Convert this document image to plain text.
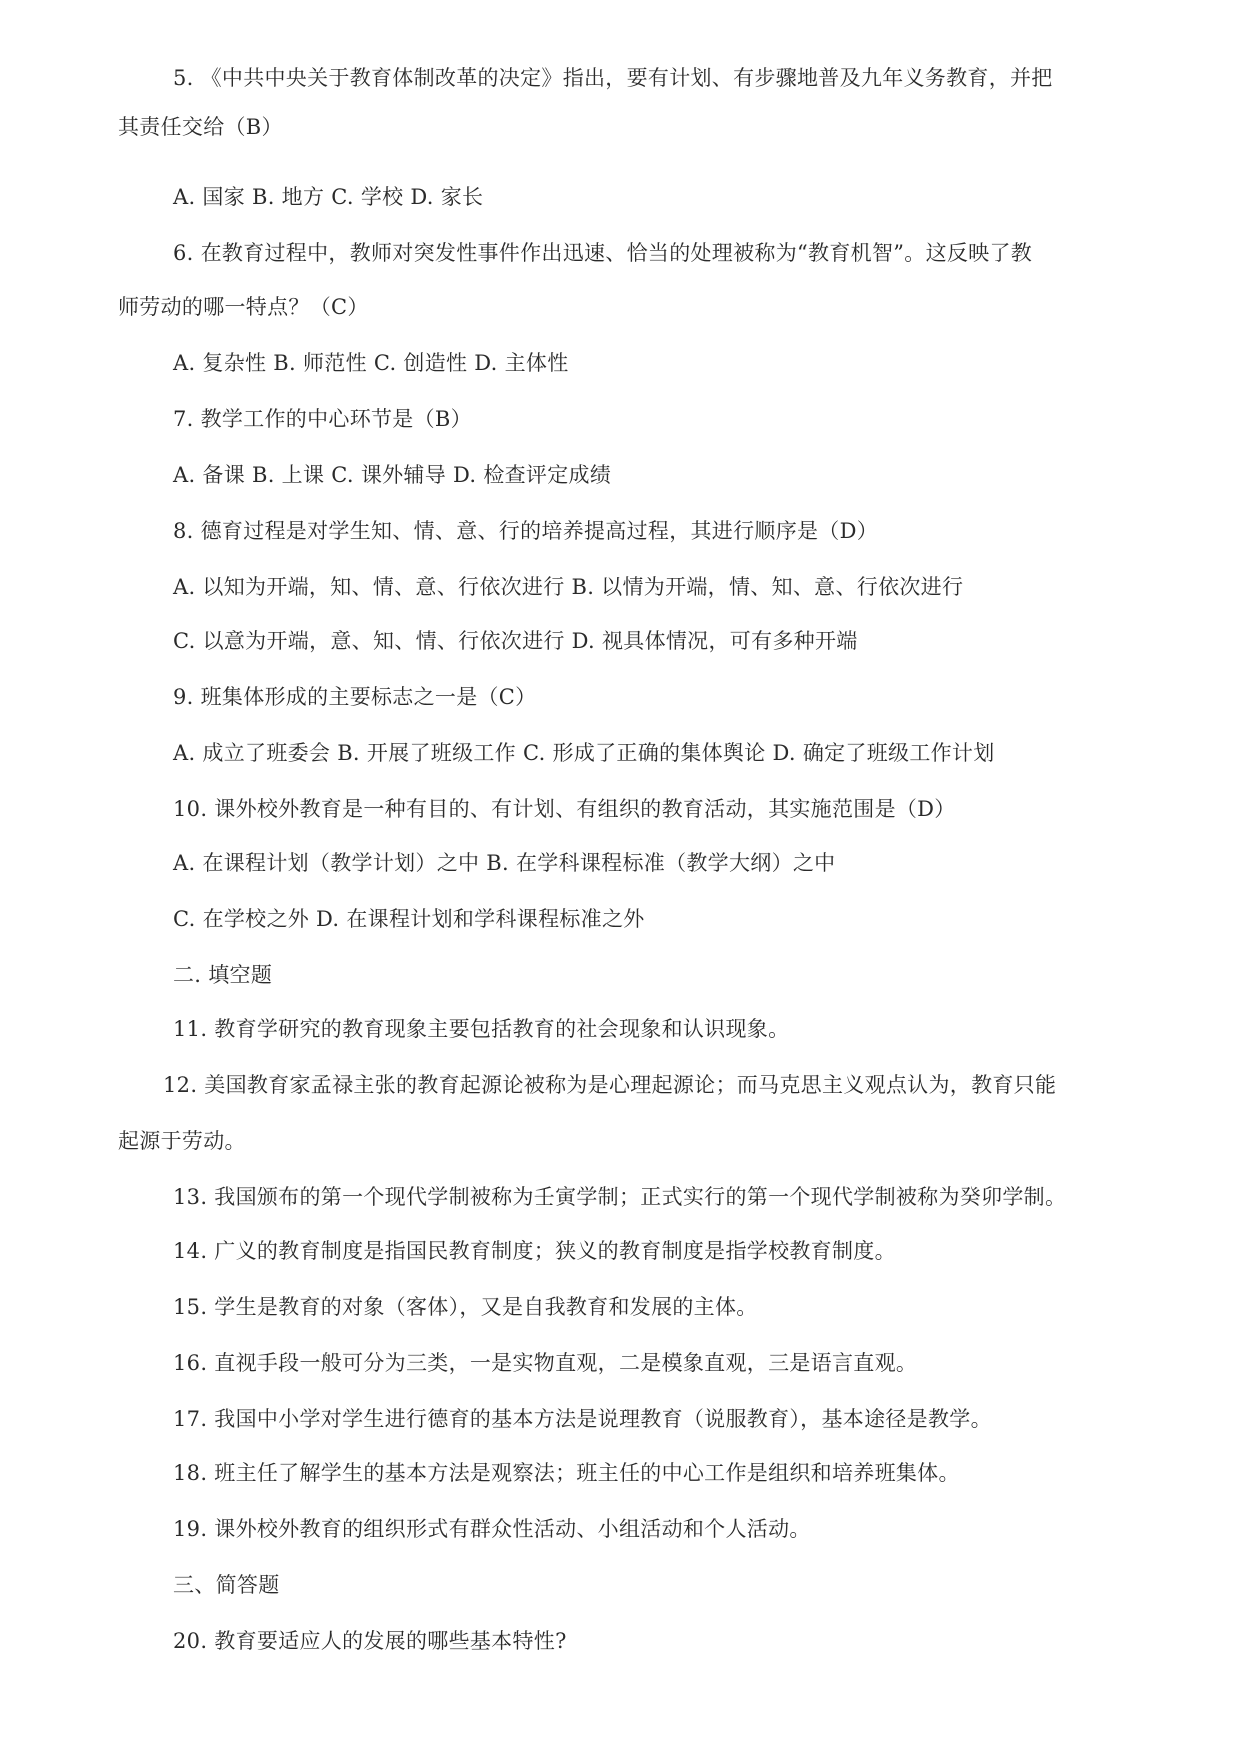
5. 《中共中央关于教育体制改革的决定》指出，要有计划、有步骤地普及九年义务教育，并把
其责任交给（B）
A. 国家 B. 地方 C. 学校 D. 家长
6. 在教育过程中，教师对突发性事件作出迅速、恰当的处理被称为“教育机智”。这反映了教
师劳动的哪一特点？（C）
A. 复杂性 B. 师范性 C. 创造性 D. 主体性
7. 教学工作的中心环节是（B）
A. 备课 B. 上课 C. 课外辅导 D. 检查评定成绩
8. 德育过程是对学生知、情、意、行的培养提高过程，其进行顺序是（D）
A. 以知为开端，知、情、意、行依次进行 B. 以情为开端，情、知、意、行依次进行
C. 以意为开端，意、知、情、行依次进行 D. 视具体情况，可有多种开端
9. 班集体形成的主要标志之一是（C）
A. 成立了班委会 B. 开展了班级工作 C. 形成了正确的集体舆论 D. 确定了班级工作计划
10. 课外校外教育是一种有目的、有计划、有组织的教育活动，其实施范围是（D）
A. 在课程计划（教学计划）之中 B. 在学科课程标准（教学大纲）之中
C. 在学校之外 D. 在课程计划和学科课程标准之外
二. 填空题
11. 教育学研究的教育现象主要包括教育的社会现象和认识现象。
12. 美国教育家孟禄主张的教育起源论被称为是心理起源论；而马克思主义观点认为，教育只能
起源于劳动。
13. 我国颁布的第一个现代学制被称为壬寅学制；正式实行的第一个现代学制被称为癸卯学制。
14. 广义的教育制度是指国民教育制度；狭义的教育制度是指学校教育制度。
15. 学生是教育的对象（客体），又是自我教育和发展的主体。
16. 直视手段一般可分为三类，一是实物直观，二是模象直观，三是语言直观。
17. 我国中小学对学生进行德育的基本方法是说理教育（说服教育），基本途径是教学。
18. 班主任了解学生的基本方法是观察法；班主任的中心工作是组织和培养班集体。
19. 课外校外教育的组织形式有群众性活动、小组活动和个人活动。
三、简答题
20. 教育要适应人的发展的哪些基本特性?
